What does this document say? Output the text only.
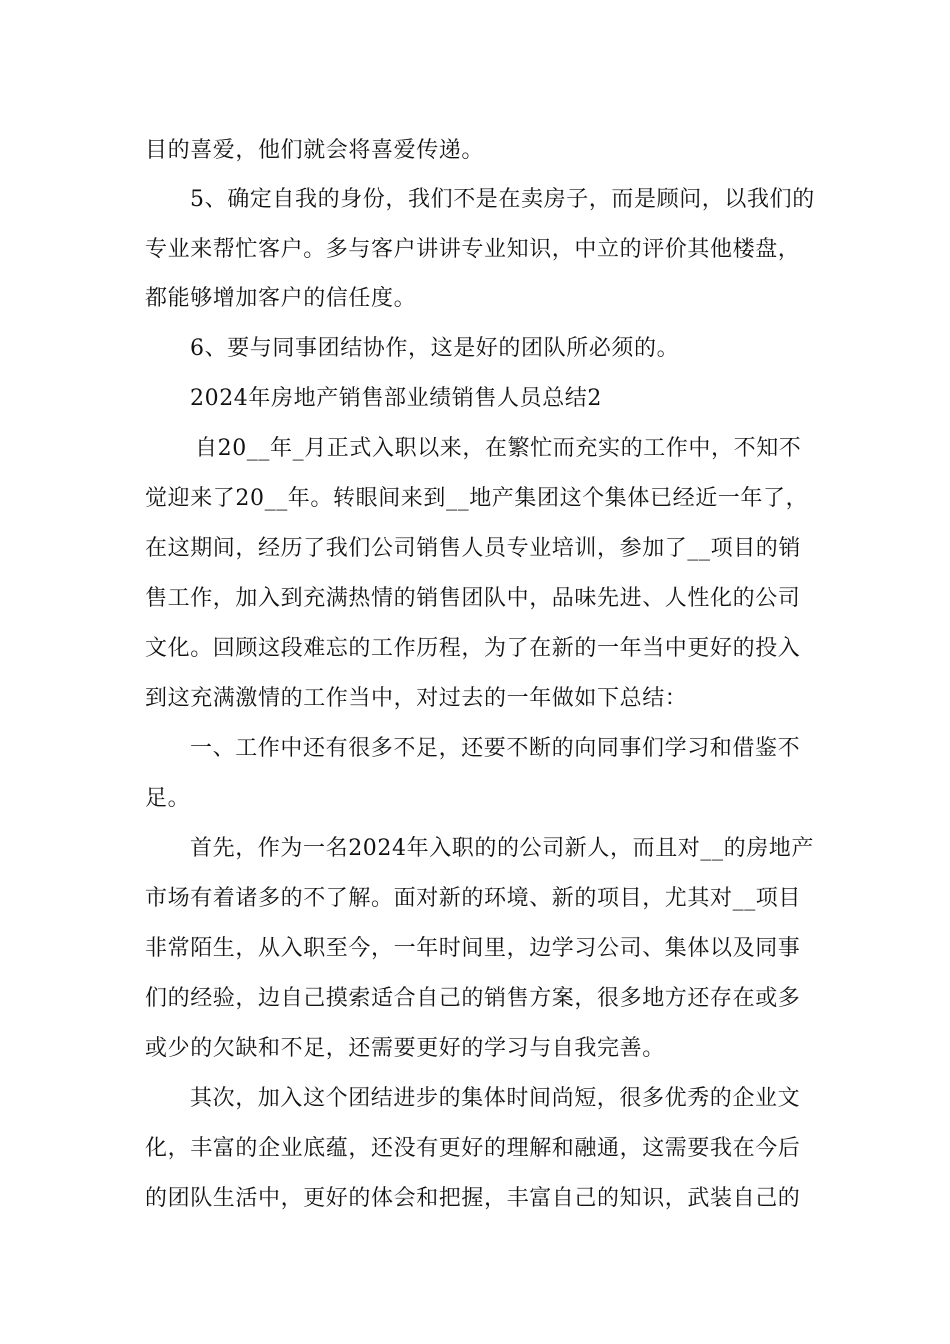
目的喜爱，他们就会将喜爱传递。
5、确定自我的身份，我们不是在卖房子，而是顾问，以我们的
专业来帮忙客户。多与客户讲讲专业知识，中立的评价其他楼盘，
都能够增加客户的信任度。
6、要与同事团结协作，这是好的团队所必须的。
2024年房地产销售部业绩销售人员总结2
自20__年_月正式入职以来，在繁忙而充实的工作中，不知不
觉迎来了20__年。转眼间来到__地产集团这个集体已经近一年了，
在这期间，经历了我们公司销售人员专业培训，参加了__项目的销
售工作，加入到充满热情的销售团队中，品味先进、人性化的公司
文化。回顾这段难忘的工作历程，为了在新的一年当中更好的投入
到这充满激情的工作当中，对过去的一年做如下总结：
一、工作中还有很多不足，还要不断的向同事们学习和借鉴不
足。
首先，作为一名2024年入职的的公司新人，而且对__的房地产
市场有着诸多的不了解。面对新的环境、新的项目，尤其对__项目
非常陌生，从入职至今，一年时间里，边学习公司、集体以及同事
们的经验，边自己摸索适合自己的销售方案，很多地方还存在或多
或少的欠缺和不足，还需要更好的学习与自我完善。
其次，加入这个团结进步的集体时间尚短，很多优秀的企业文
化，丰富的企业底蕴，还没有更好的理解和融通，这需要我在今后
的团队生活中，更好的体会和把握，丰富自己的知识，武装自己的
